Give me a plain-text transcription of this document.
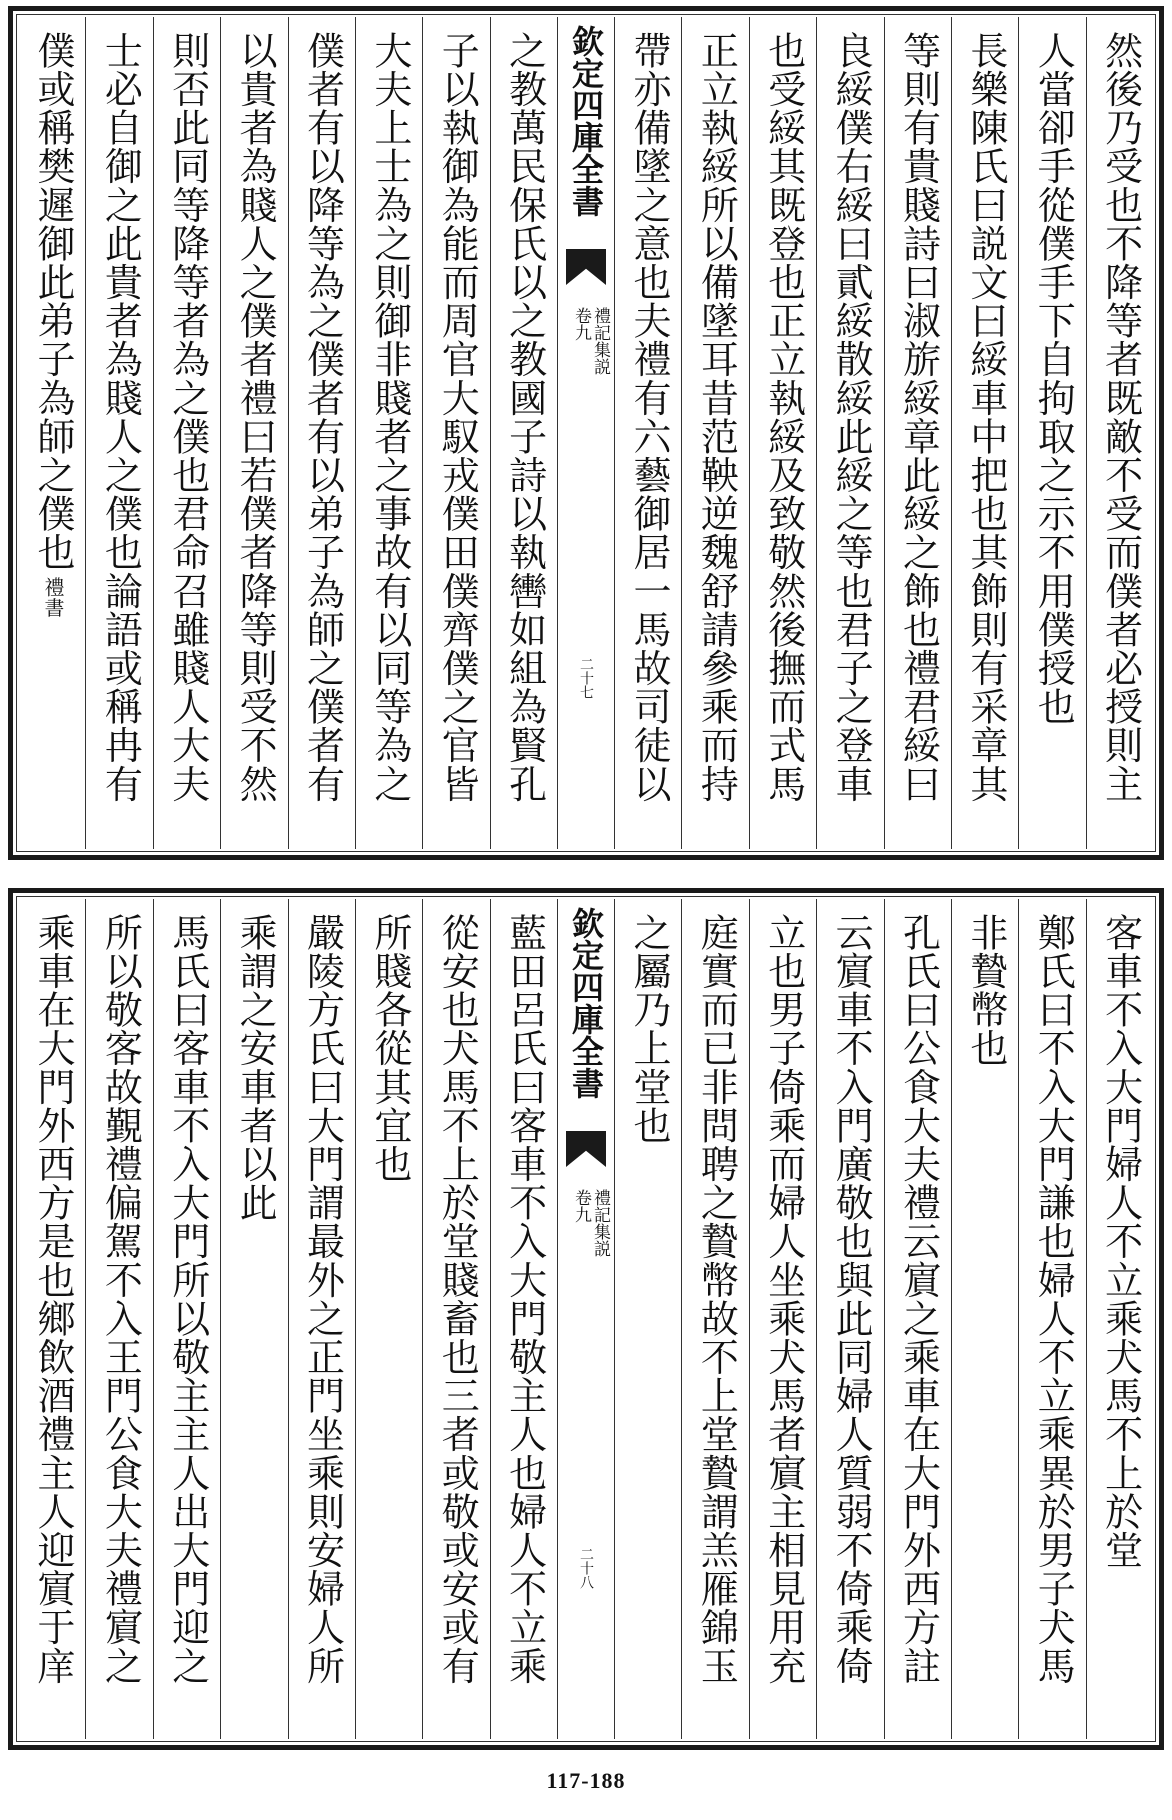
然後乃受也不降等者既敵不受而僕者必授則主
人當卻手從僕手下自拘取之示不用僕授也
長樂陳氏曰説文曰綏車中把也其飾則有采章其
等則有貴賤詩曰淑旂綏章此綏之飾也禮君綏曰
良綏僕右綏曰貳綏散綏此綏之等也君子之登車
也受綏其既登也正立執綏及致敬然後撫而式馬
正立執綏所以備墜耳昔范鞅逆魏舒請參乘而持
帶亦備墜之意也夫禮有六藝御居一馬故司徒以
欽定四庫全書
禮記集説
卷九
二十七
之教萬民保氏以之教國子詩以執轡如組為賢孔
子以執御為能而周官大馭戎僕田僕齊僕之官皆
大夫上士為之則御非賤者之事故有以同等為之
僕者有以降等為之僕者有以弟子為師之僕者有
以貴者為賤人之僕者禮曰若僕者降等則受不然
則否此同等降等者為之僕也君命召雖賤人大夫
士必自御之此貴者為賤人之僕也論語或稱冉有
僕或稱樊遲御此弟子為師之僕也禮書
客車不入大門婦人不立乘犬馬不上於堂
鄭氏曰不入大門謙也婦人不立乘異於男子犬馬
非贄幣也
孔氏曰公食大夫禮云賔之乘車在大門外西方註
云賔車不入門廣敬也與此同婦人質弱不倚乘倚
立也男子倚乘而婦人坐乘犬馬者賔主相見用充
庭實而已非問聘之贄幣故不上堂贄謂羔雁錦玉
之屬乃上堂也
欽定四庫全書
禮記集説
卷九
二十八
藍田呂氏曰客車不入大門敬主人也婦人不立乘
從安也犬馬不上於堂賤畜也三者或敬或安或有
所賤各從其宜也
嚴陵方氏曰大門謂最外之正門坐乘則安婦人所
乘謂之安車者以此
馬氏曰客車不入大門所以敬主主人出大門迎之
所以敬客故覲禮偏駕不入王門公食大夫禮賔之
乘車在大門外西方是也鄉飲酒禮主人迎賔于庠
117-188
